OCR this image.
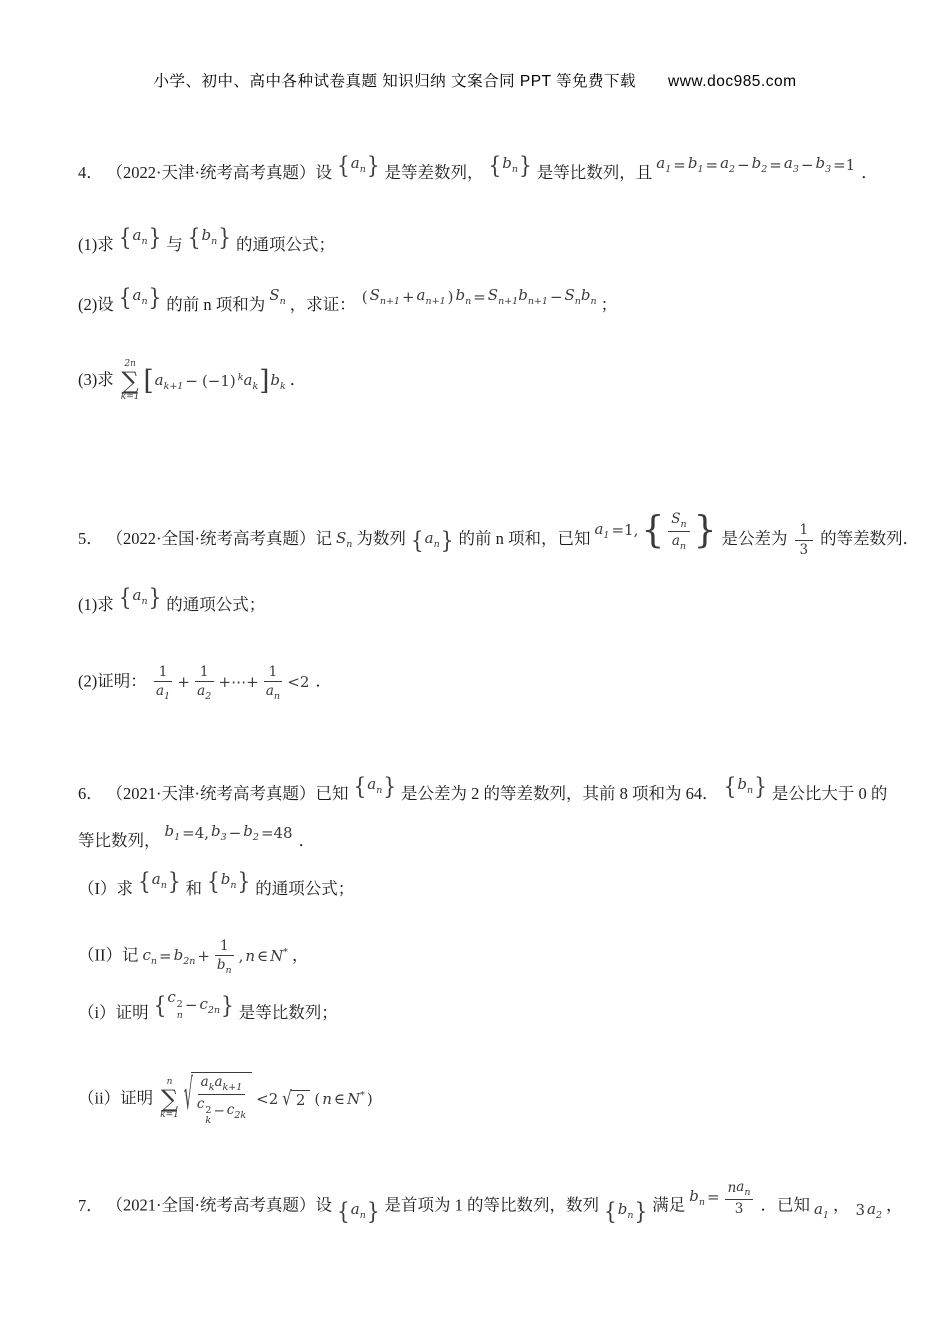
小学、初中、高中各种试卷真题 知识归纳 文案合同 PPT 等免费下载 www.doc985.com
4． （2022·天津·统考高考真题）设 { $a_n$ } 是等差数列， { $b_n$ } 是等比数列，且 $a_1 = b_1 = a_2 - b_2 = a_3 - b_3 =1$ ．
(1)求 { $a_n$ } 与 { $b_n$ } 的通项公式；
(2)设 { $a_n$ } 的前 n 项和为 $S_n$ ，求证： ( $S_{n+1} + a_{n+1}$ ) $b_n = S_{n+1}$ $b_{n+1} - S_n$ $b_n$ ；
(3)求
2n
∑
k=1 [ $a_{k+1} - (-1)$ $^k$ $a_k$ ] $b_k$ ．
5． （2022·全国·统考高考真题）记 $S_n$ 为数列 { $a_n$ } 的前 n 项和，已知 $a_1 =1$, { $\frac{S_n}{a_n}$ } 是公差为 $\frac{1}{3}$ 的等差数列．
(1)求 { $a_n$ } 的通项公式；
(2)证明： $\frac{1}{a_1} + \frac{1}{a_2}$ +⋯+ $\frac{1}{a_n} <2$ ．
6． （2021·天津·统考高考真题）已知 { $a_n$ } 是公差为 2 的等差数列，其前 8 项和为 64． { $b_n$ } 是公比大于 0 的
等比数列， $b_1 =4$, $b_3 - b_2 =48$ ．
（I）求 { $a_n$ } 和 { $b_n$ } 的通项公式；
（II）记 $c_n = b_{2n} + \frac{1}{b_n}$ , n ∈ N* ，
（i）证明 { c 2
n
− $c_{2n}$ } 是等比数列；
（ii）证明
n
∑
k=1 √ $a_k$ $a_{k+1}$
c 2
k
− $c_{2k} <2$ √ 2 ( n ∈ N* )
7． （2021·全国·统考高考真题）设 { $a_n$ } 是首项为 1 的等比数列，数列 { $b_n$ } 满足 $b_n = \frac{n a_n}{3}$ ．已知 $a_1$
， 3 $a_2$
，
